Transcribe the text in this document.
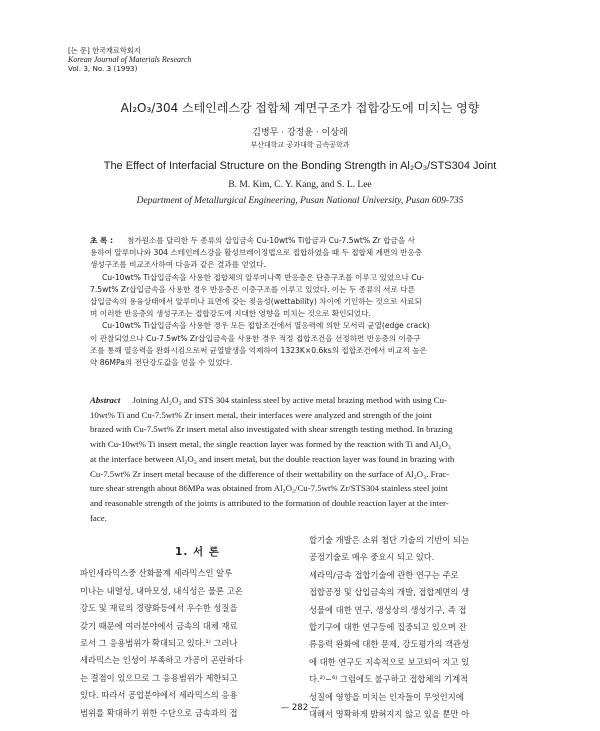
[논 문] 한국재료학회지
Korean Journal of Materials Research
Vol. 3, No. 3 (1993)
Al₂O₃/304 스테인레스강 접합체 계면구조가 접합강도에 미치는 영향
김병무 · 강정윤 · 이상래
부산대학교 공과대학 금속공학과
The Effect of Interfacial Structure on the Bonding Strength in Al₂O₃/STS304 Joint
B. M. Kim, C. Y. Kang, and S. L. Lee
Department of Metallurgical Engineering, Pusan National University, Pusan 609-735

초 록 : 첨가원소를 달리한 두 종류의 삽입금속 Cu-10wt% Ti합금과 Cu-7.5wt% Zr 합금을 사

용하여 알루미나와 304 스테인레스강을 활성브레이징법으로 접합하였을 때 두 접합체 계면의 반응층

생성구조를 비교조사하여 다음과 같은 결과를 얻었다.

Cu-10wt% Ti삽입금속을 사용한 접합체의 알루미나쪽 반응층은 단층구조를 이루고 있었으나 Cu-

7.5wt% Zr삽입금속을 사용한 경우 반응층은 이층구조를 이루고 있었다. 이는 두 종류의 서로 다른

삽입금속의 용융상태에서 알루미나 표면에 갖는 젖음성(wettability) 차이에 기인하는 것으로 사료되

며 이러한 반응층의 생성구조는 접합강도에 지대한 영향을 미치는 것으로 확인되었다.

Cu-10wt% Ti삽입금속을 사용한 경우 모든 접합조건에서 열응력에 의한 모서리 균열(edge crack)

이 관찰되었으나 Cu-7.5wt% Zr삽입금속을 사용한 경우 적정 접합조건을 선정하면 반응층의 이층구

조를 통해 열응력을 완화시킴으로써 균열발생을 억제하여 1323K×0.6ks의 접합조건에서 비교적 높은

약 86MPa의 전단강도값을 얻을 수 있었다.

Abstract Joining Al₂O₃ and STS 304 stainless steel by active metal brazing method with using Cu-
10wt% Ti and Cu-7.5wt% Zr insert metal, their interfaces were analyzed and strength of the joint
brazed with Cu-7.5wt% Zr insert metal also investigated with shear strength testing method. In brazing
with Cu-10wt% Ti insert metal, the single reaction layer was formed by the reaction with Ti and Al₂O₃
at the interface between Al₂O₃ and insert metal, but the double reaction layer was found in brazing with
Cu-7.5wt% Zr insert metal because of the difference of their wettability on the surface of Al₂O₃. Frac-
ture shear strength about 86MPa was obtained from Al₂O₃/Cu-7.5wt% Zr/STS304 stainless steel joint
and reasonable strength of the joints is attributed to the formation of double reaction layer at the inter-
face.
1. 서 론
파인세라믹스중 산화물계 세라믹스인 알루
미나는 내열성, 내마모성, 내식성은 물론 고온
강도 및 재료의 경량화등에서 우수한 성질을
갖기 때문에 여러분야에서 금속의 대체 재료
로서 그 응용범위가 확대되고 있다.¹⁾ 그러나
세라믹스는 인성이 부족하고 가공이 곤란하다
는 결점이 있으므로 그 응용범위가 제한되고
있다. 따라서 공업분야에서 세라믹스의 응용
범위를 확대하기 위한 수단으로 금속과의 접
합기술 개발은 소위 첨단 기술의 기반이 되는
공정기술로 매우 중요시 되고 있다.
세라믹/금속 접합기술에 관한 연구는 주로
접합공정 및 삽입금속의 개발, 접합계면의 생
성물에 대한 연구, 생성상의 생성기구, 즉 접
합기구에 대한 연구등에 집중되고 있으며 잔
류응력 완화에 대한 문제, 강도평가의 객관성
에 대한 연구도 지속적으로 보고되어 지고 있
다.²⁾~⁶⁾ 그럼에도 불구하고 접합체의 기계적
성질에 영향을 미치는 인자들이 무엇인지에
대해서 명확하게 밝혀지지 않고 있을 뿐만 아
— 282 —
